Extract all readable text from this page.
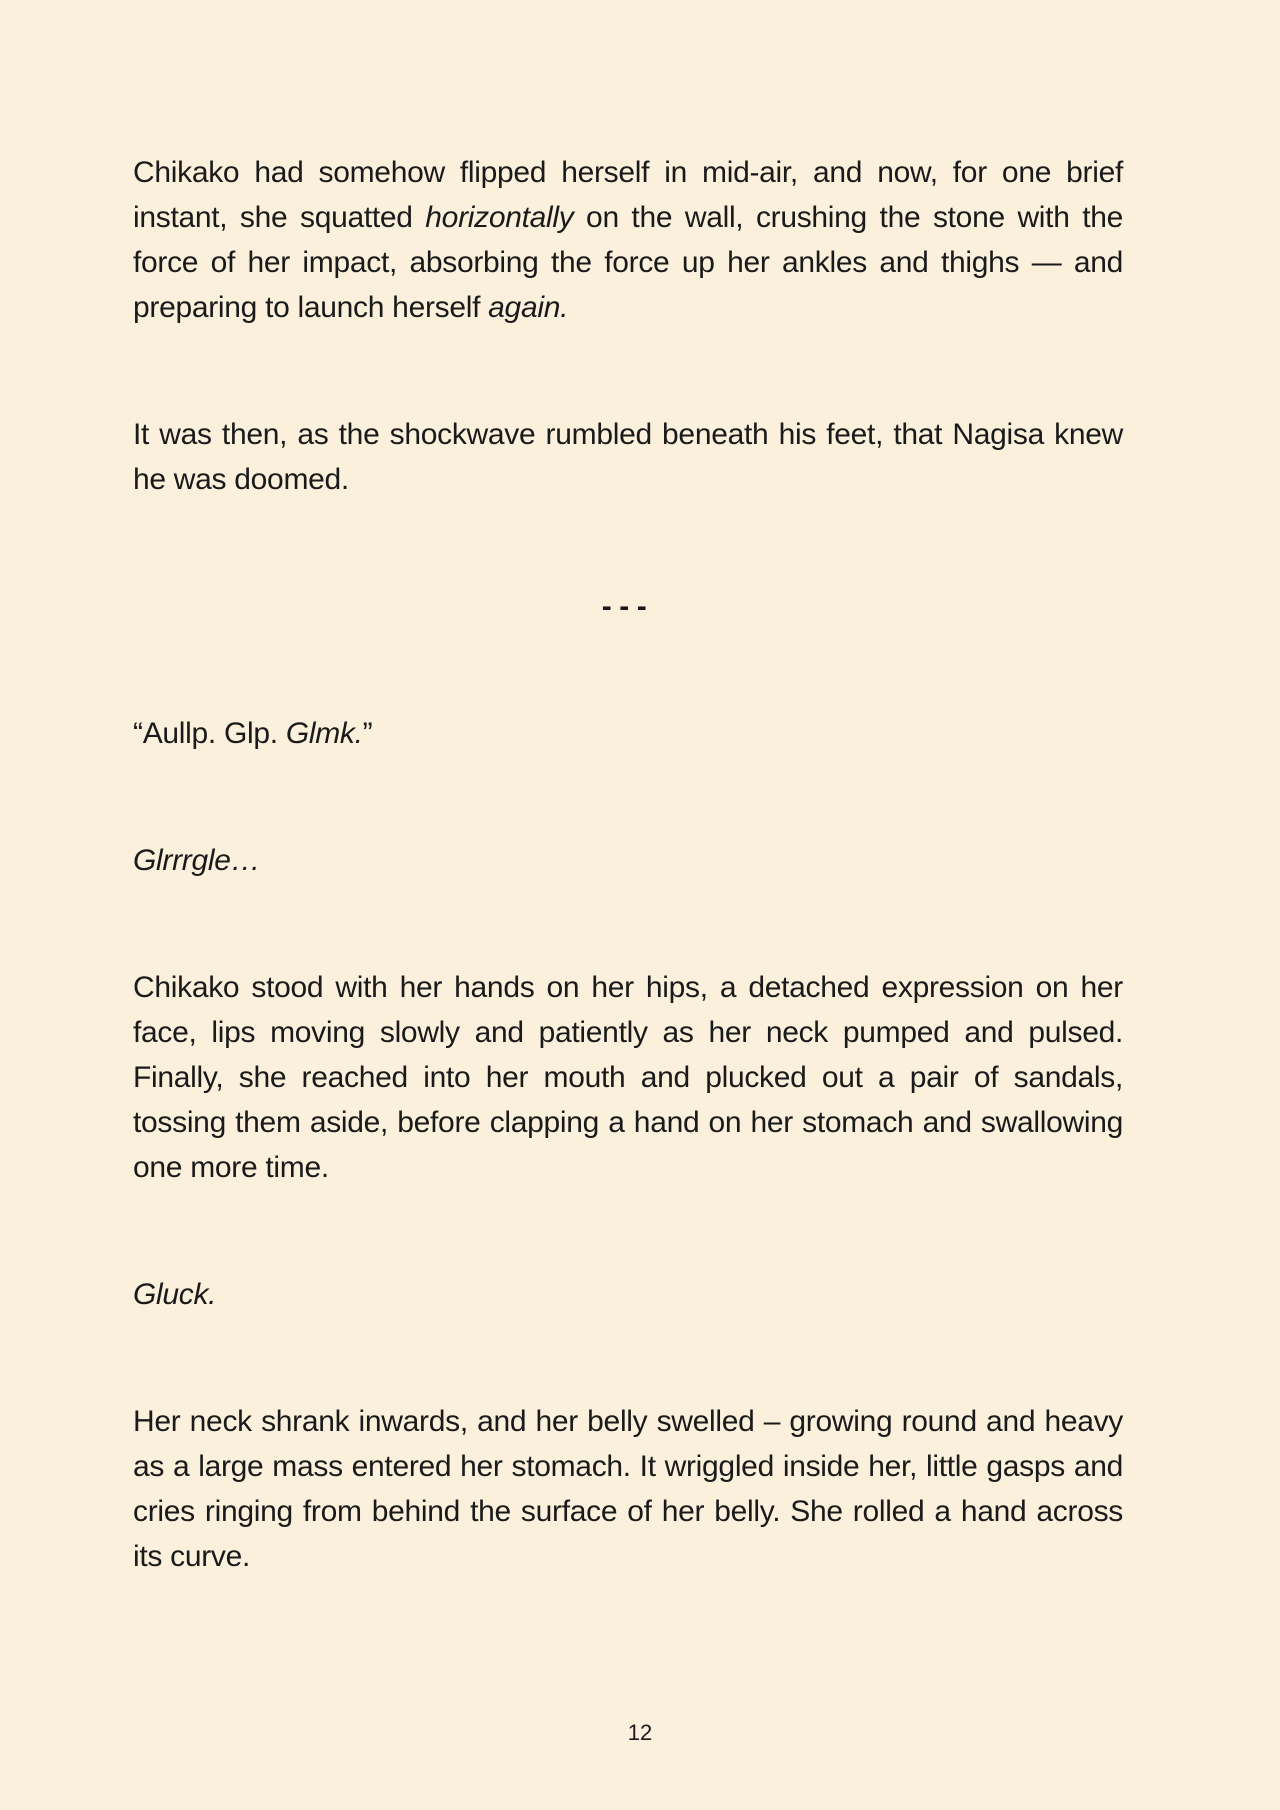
Chikako had somehow flipped herself in mid-air, and now, for one brief instant, she squatted horizontally on the wall, crushing the stone with the force of her impact, absorbing the force up her ankles and thighs — and preparing to launch herself again.

It was then, as the shockwave rumbled beneath his feet, that Nagisa knew he was doomed.

---

“Aullp. Glp. Glmk.”

Glrrrgle…

Chikako stood with her hands on her hips, a detached expression on her face, lips moving slowly and patiently as her neck pumped and pulsed. Finally, she reached into her mouth and plucked out a pair of sandals, tossing them aside, before clapping a hand on her stomach and swallowing one more time.

Gluck.

Her neck shrank inwards, and her belly swelled – growing round and heavy as a large mass entered her stomach. It wriggled inside her, little gasps and cries ringing from behind the surface of her belly. She rolled a hand across its curve.

12
